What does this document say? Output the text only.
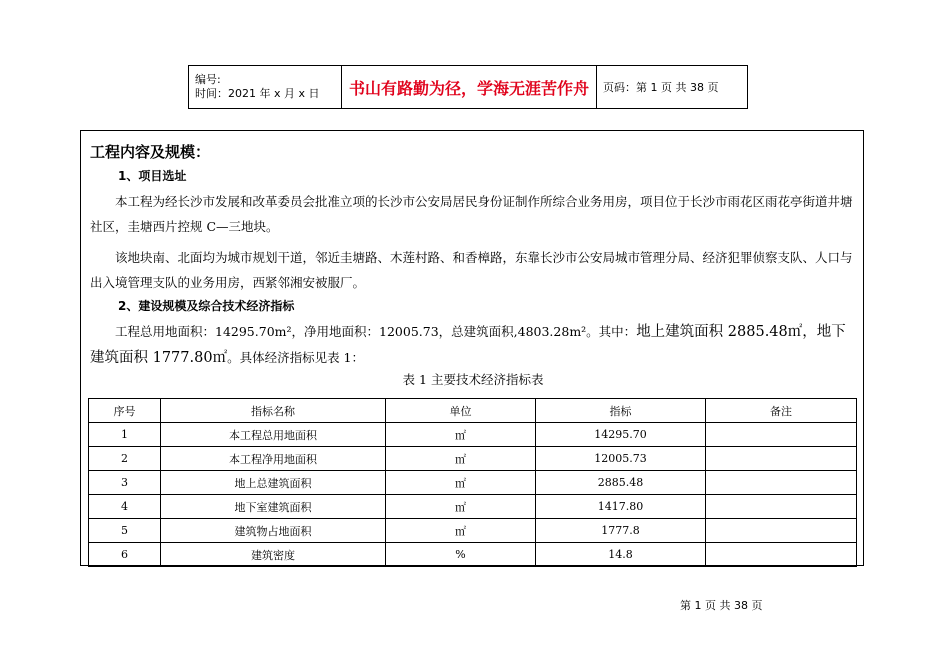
编号:
时间：2021 年 x 月 x 日	书山有路勤为径，学海无涯苦作舟	页码：第 1 页 共 38 页
工程内容及规模：
1、项目选址
本工程为经长沙市发展和改革委员会批准立项的长沙市公安局居民身份证制作所综合业务用房，项目位于长沙市雨花区雨花亭街道井塘社区，圭塘西片控规 C—三地块。
该地块南、北面均为城市规划干道，邻近圭塘路、木莲村路、和香樟路，东靠长沙市公安局城市管理分局、经济犯罪侦察支队、人口与出入境管理支队的业务用房，西紧邻湘安被服厂。
2、建设规模及综合技术经济指标
工程总用地面积：14295.70m²，净用地面积：12005.73，总建筑面积,4803.28m²。其中：地上建筑面积 2885.48㎡，地下建筑面积 1777.80㎡。具体经济指标见表 1：
表 1 主要技术经济指标表
序号	指标名称	单位	指标	备注
1	本工程总用地面积	㎡	14295.70	
2	本工程净用地面积	㎡	12005.73	
3	地上总建筑面积	㎡	2885.48	
4	地下室建筑面积	㎡	1417.80	
5	建筑物占地面积	㎡	1777.8	
6	建筑密度	%	14.8	
第 1 页 共 38 页
